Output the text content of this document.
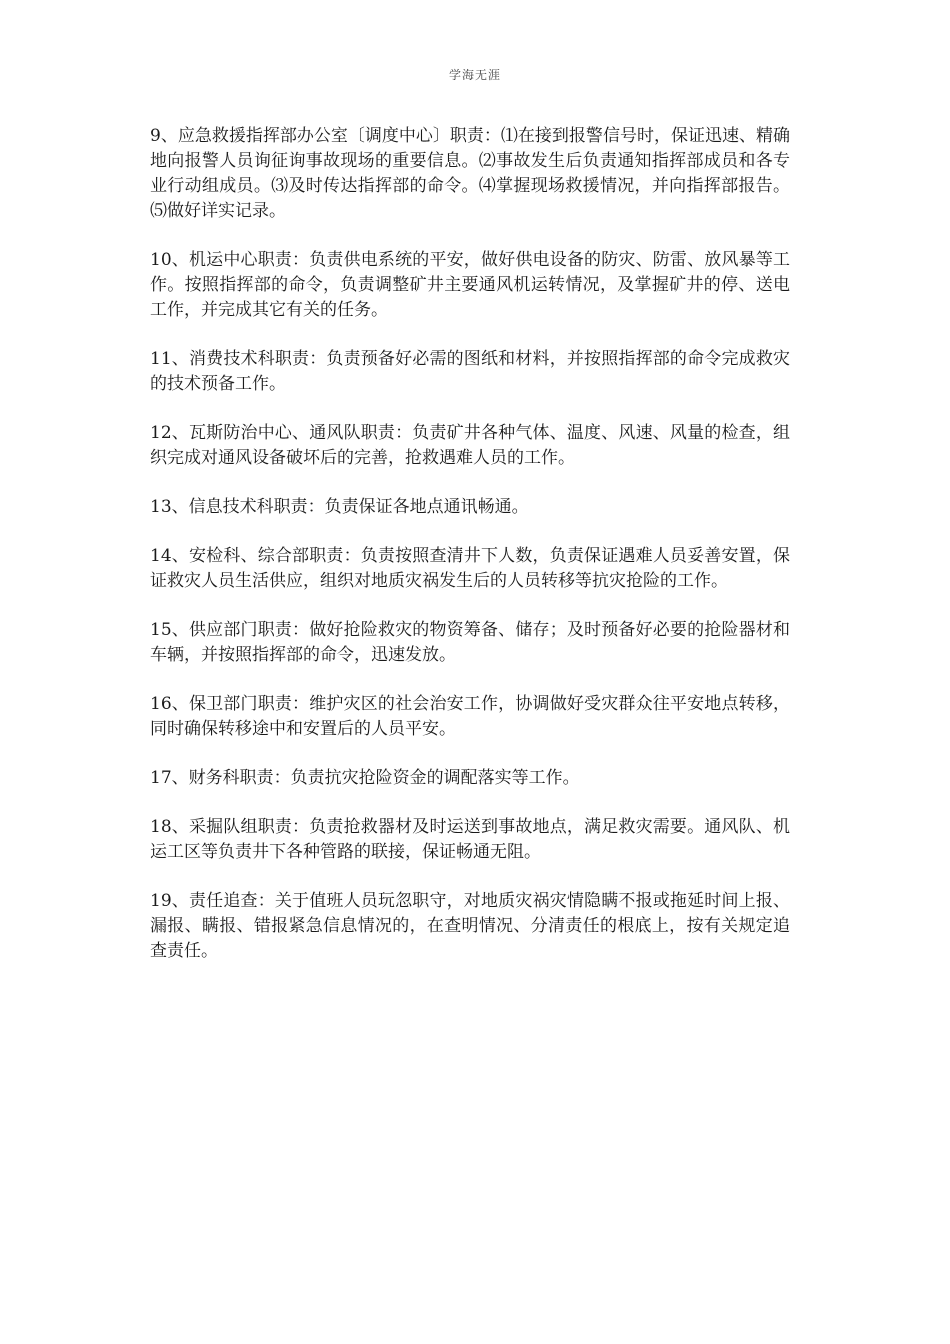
学海无涯

9、应急救援指挥部办公室〔调度中心〕职责：⑴在接到报警信号时，保证迅速、精确地向报警人员询征询事故现场的重要信息。⑵事故发生后负责通知指挥部成员和各专业行动组成员。⑶及时传达指挥部的命令。⑷掌握现场救援情况，并向指挥部报告。⑸做好详实记录。

10、机运中心职责：负责供电系统的平安，做好供电设备的防灾、防雷、放风暴等工作。按照指挥部的命令，负责调整矿井主要通风机运转情况，及掌握矿井的停、送电工作，并完成其它有关的任务。

11、消费技术科职责：负责预备好必需的图纸和材料，并按照指挥部的命令完成救灾的技术预备工作。

12、瓦斯防治中心、通风队职责：负责矿井各种气体、温度、风速、风量的检查，组织完成对通风设备破坏后的完善，抢救遇难人员的工作。

13、信息技术科职责：负责保证各地点通讯畅通。

14、安检科、综合部职责：负责按照查清井下人数，负责保证遇难人员妥善安置，保证救灾人员生活供应，组织对地质灾祸发生后的人员转移等抗灾抢险的工作。

15、供应部门职责：做好抢险救灾的物资筹备、储存；及时预备好必要的抢险器材和车辆，并按照指挥部的命令，迅速发放。

16、保卫部门职责：维护灾区的社会治安工作，协调做好受灾群众往平安地点转移，同时确保转移途中和安置后的人员平安。

17、财务科职责：负责抗灾抢险资金的调配落实等工作。

18、采掘队组职责：负责抢救器材及时运送到事故地点，满足救灾需要。通风队、机运工区等负责井下各种管路的联接，保证畅通无阻。

19、责任追查：关于值班人员玩忽职守，对地质灾祸灾情隐瞒不报或拖延时间上报、漏报、瞒报、错报紧急信息情况的，在查明情况、分清责任的根底上，按有关规定追查责任。
